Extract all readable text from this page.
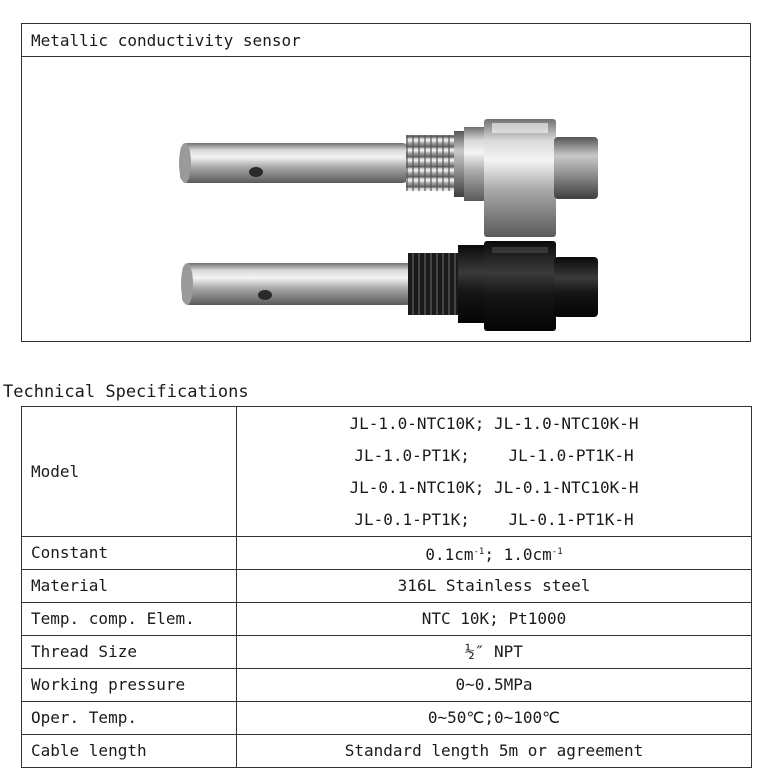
Metallic conductivity sensor
Technical Specifications
Model	JL-1.0-NTC10K; JL-1.0-NTC10K-H
JL-1.0-PT1K;    JL-1.0-PT1K-H
JL-0.1-NTC10K; JL-0.1-NTC10K-H
JL-0.1-PT1K;    JL-0.1-PT1K-H

Constant	$0.1cm^{-1}$; $1.0cm^{-1}$
Material	316L Stainless steel
Temp. comp. Elem.	NTC 10K; Pt1000
Thread Size	½″ NPT
Working pressure	0~0.5MPa
Oper. Temp.	0~50℃;0~100℃
Cable length	Standard length 5m or agreement
